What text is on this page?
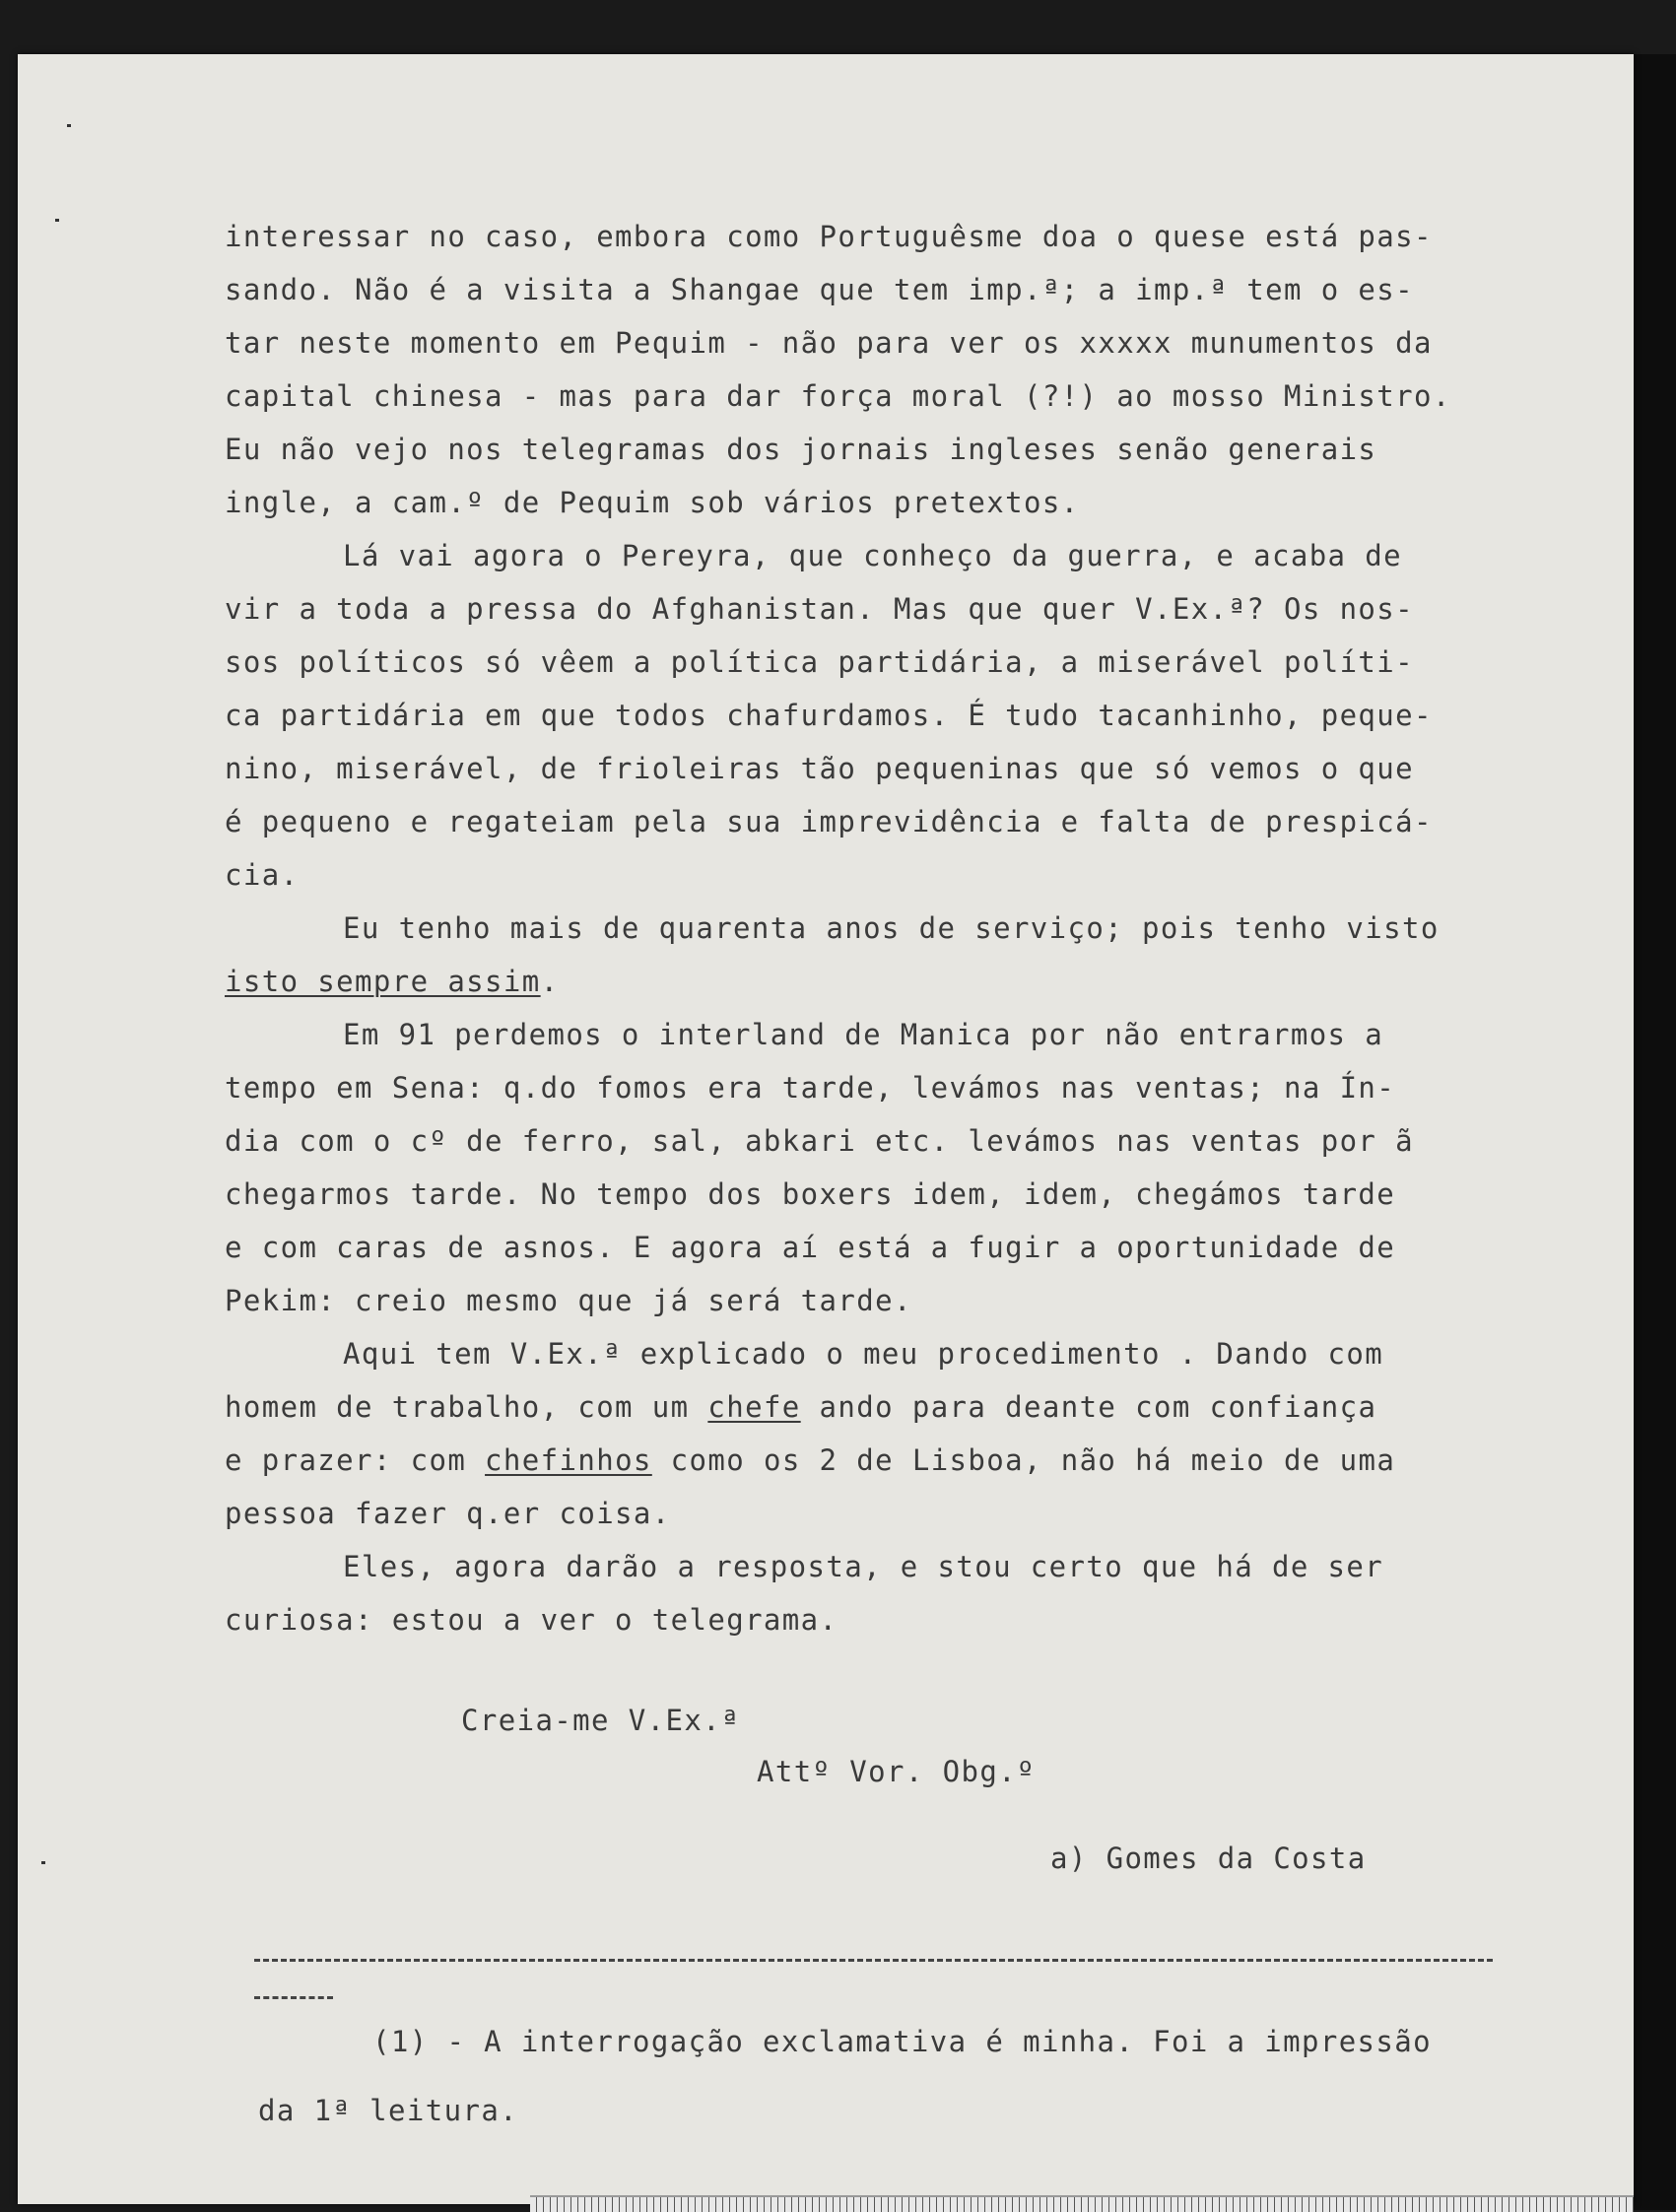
interessar no caso, embora como Portuguêsme doa o quese está pas-
sando. Não é a visita a Shangae que tem imp.ª; a imp.ª tem o es-
tar neste momento em Pequim - não para ver os xxxxx munumentos da
capital chinesa - mas para dar força moral (?!) ao mosso Ministro.
Eu não vejo nos telegramas dos jornais ingleses senão generais
ingle, a cam.º de Pequim sob vários pretextos.
Lá vai agora o Pereyra, que conheço da guerra, e acaba de
vir a toda a pressa do Afghanistan. Mas que quer V.Ex.ª? Os nos-
sos políticos só vêem a política partidária, a miserável políti-
ca partidária em que todos chafurdamos. É tudo tacanhinho, peque-
nino, miserável, de frioleiras tão pequeninas que só vemos o que
é pequeno e regateiam pela sua imprevidência e falta de prespicá-
cia.
Eu tenho mais de quarenta anos de serviço; pois tenho visto
isto sempre assim.
Em 91 perdemos o interland de Manica por não entrarmos a
tempo em Sena: q.do fomos era tarde, levámos nas ventas; na Ín-
dia com o cº de ferro, sal, abkari etc. levámos nas ventas por ã
chegarmos tarde. No tempo dos boxers idem, idem, chegámos tarde
e com caras de asnos. E agora aí está a fugir a oportunidade de
Pekim: creio mesmo que já será tarde.
Aqui tem V.Ex.ª explicado o meu procedimento . Dando com
homem de trabalho, com um chefe ando para deante com confiança
e prazer: com chefinhos como os 2 de Lisboa, não há meio de uma
pessoa fazer q.er coisa.
Eles, agora darão a resposta, e stou certo que há de ser
curiosa: estou a ver o telegrama.
Creia-me V.Ex.ª
Attº Vor. Obg.º
a) Gomes da Costa
(1) - A interrogação exclamativa é minha. Foi a impressão
da 1ª leitura.
